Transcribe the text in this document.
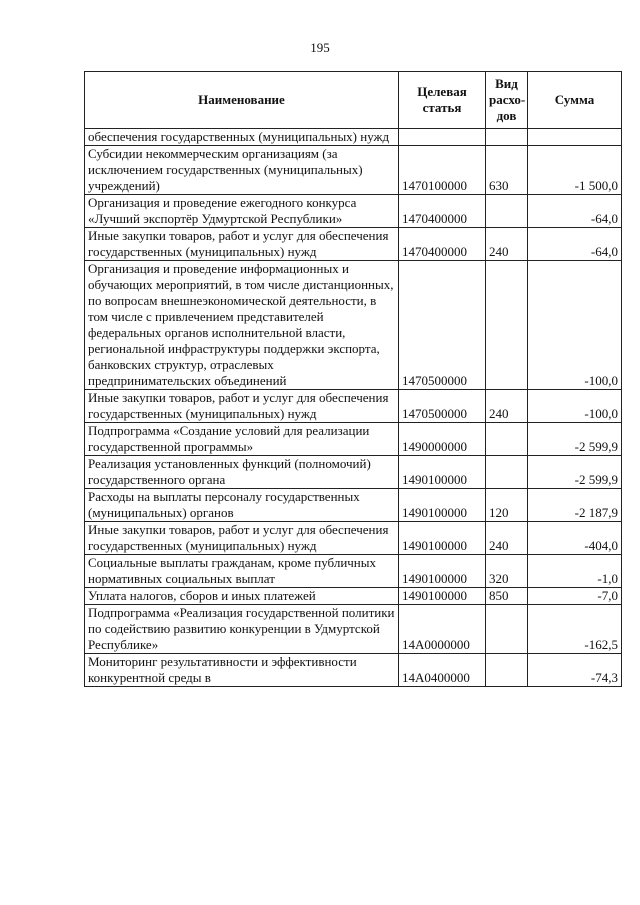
195
Наименование	Целевая статья	Вид расхо-дов	Сумма
обеспечения государственных (муниципальных) нужд			
Субсидии некоммерческим организациям (за исключением государственных (муниципальных) учреждений)	1470100000	630	-1 500,0
Организация и проведение ежегодного конкурса «Лучший экспортёр Удмуртской Республики»	1470400000		-64,0
Иные закупки товаров, работ и услуг для обеспечения государственных (муниципальных) нужд	1470400000	240	-64,0
Организация и проведение информационных и обучающих мероприятий, в том числе дистанционных, по вопросам внешнеэкономической деятельности, в том числе с привлечением представителей федеральных органов исполнительной власти, региональной инфраструктуры поддержки экспорта, банковских структур, отраслевых предпринимательских объединений	1470500000		-100,0
Иные закупки товаров, работ и услуг для обеспечения государственных (муниципальных) нужд	1470500000	240	-100,0
Подпрограмма «Создание условий для реализации государственной программы»	1490000000		-2 599,9
Реализация установленных функций (полномочий) государственного органа	1490100000		-2 599,9
Расходы на выплаты персоналу государственных (муниципальных) органов	1490100000	120	-2 187,9
Иные закупки товаров, работ и услуг для обеспечения государственных (муниципальных) нужд	1490100000	240	-404,0
Социальные выплаты гражданам, кроме публичных нормативных социальных выплат	1490100000	320	-1,0
Уплата налогов, сборов и иных платежей	1490100000	850	-7,0
Подпрограмма «Реализация государственной политики по содействию развитию конкуренции в Удмуртской Республике»	14А0000000		-162,5
Мониторинг результативности и эффективности конкурентной среды в	14А0400000		-74,3
